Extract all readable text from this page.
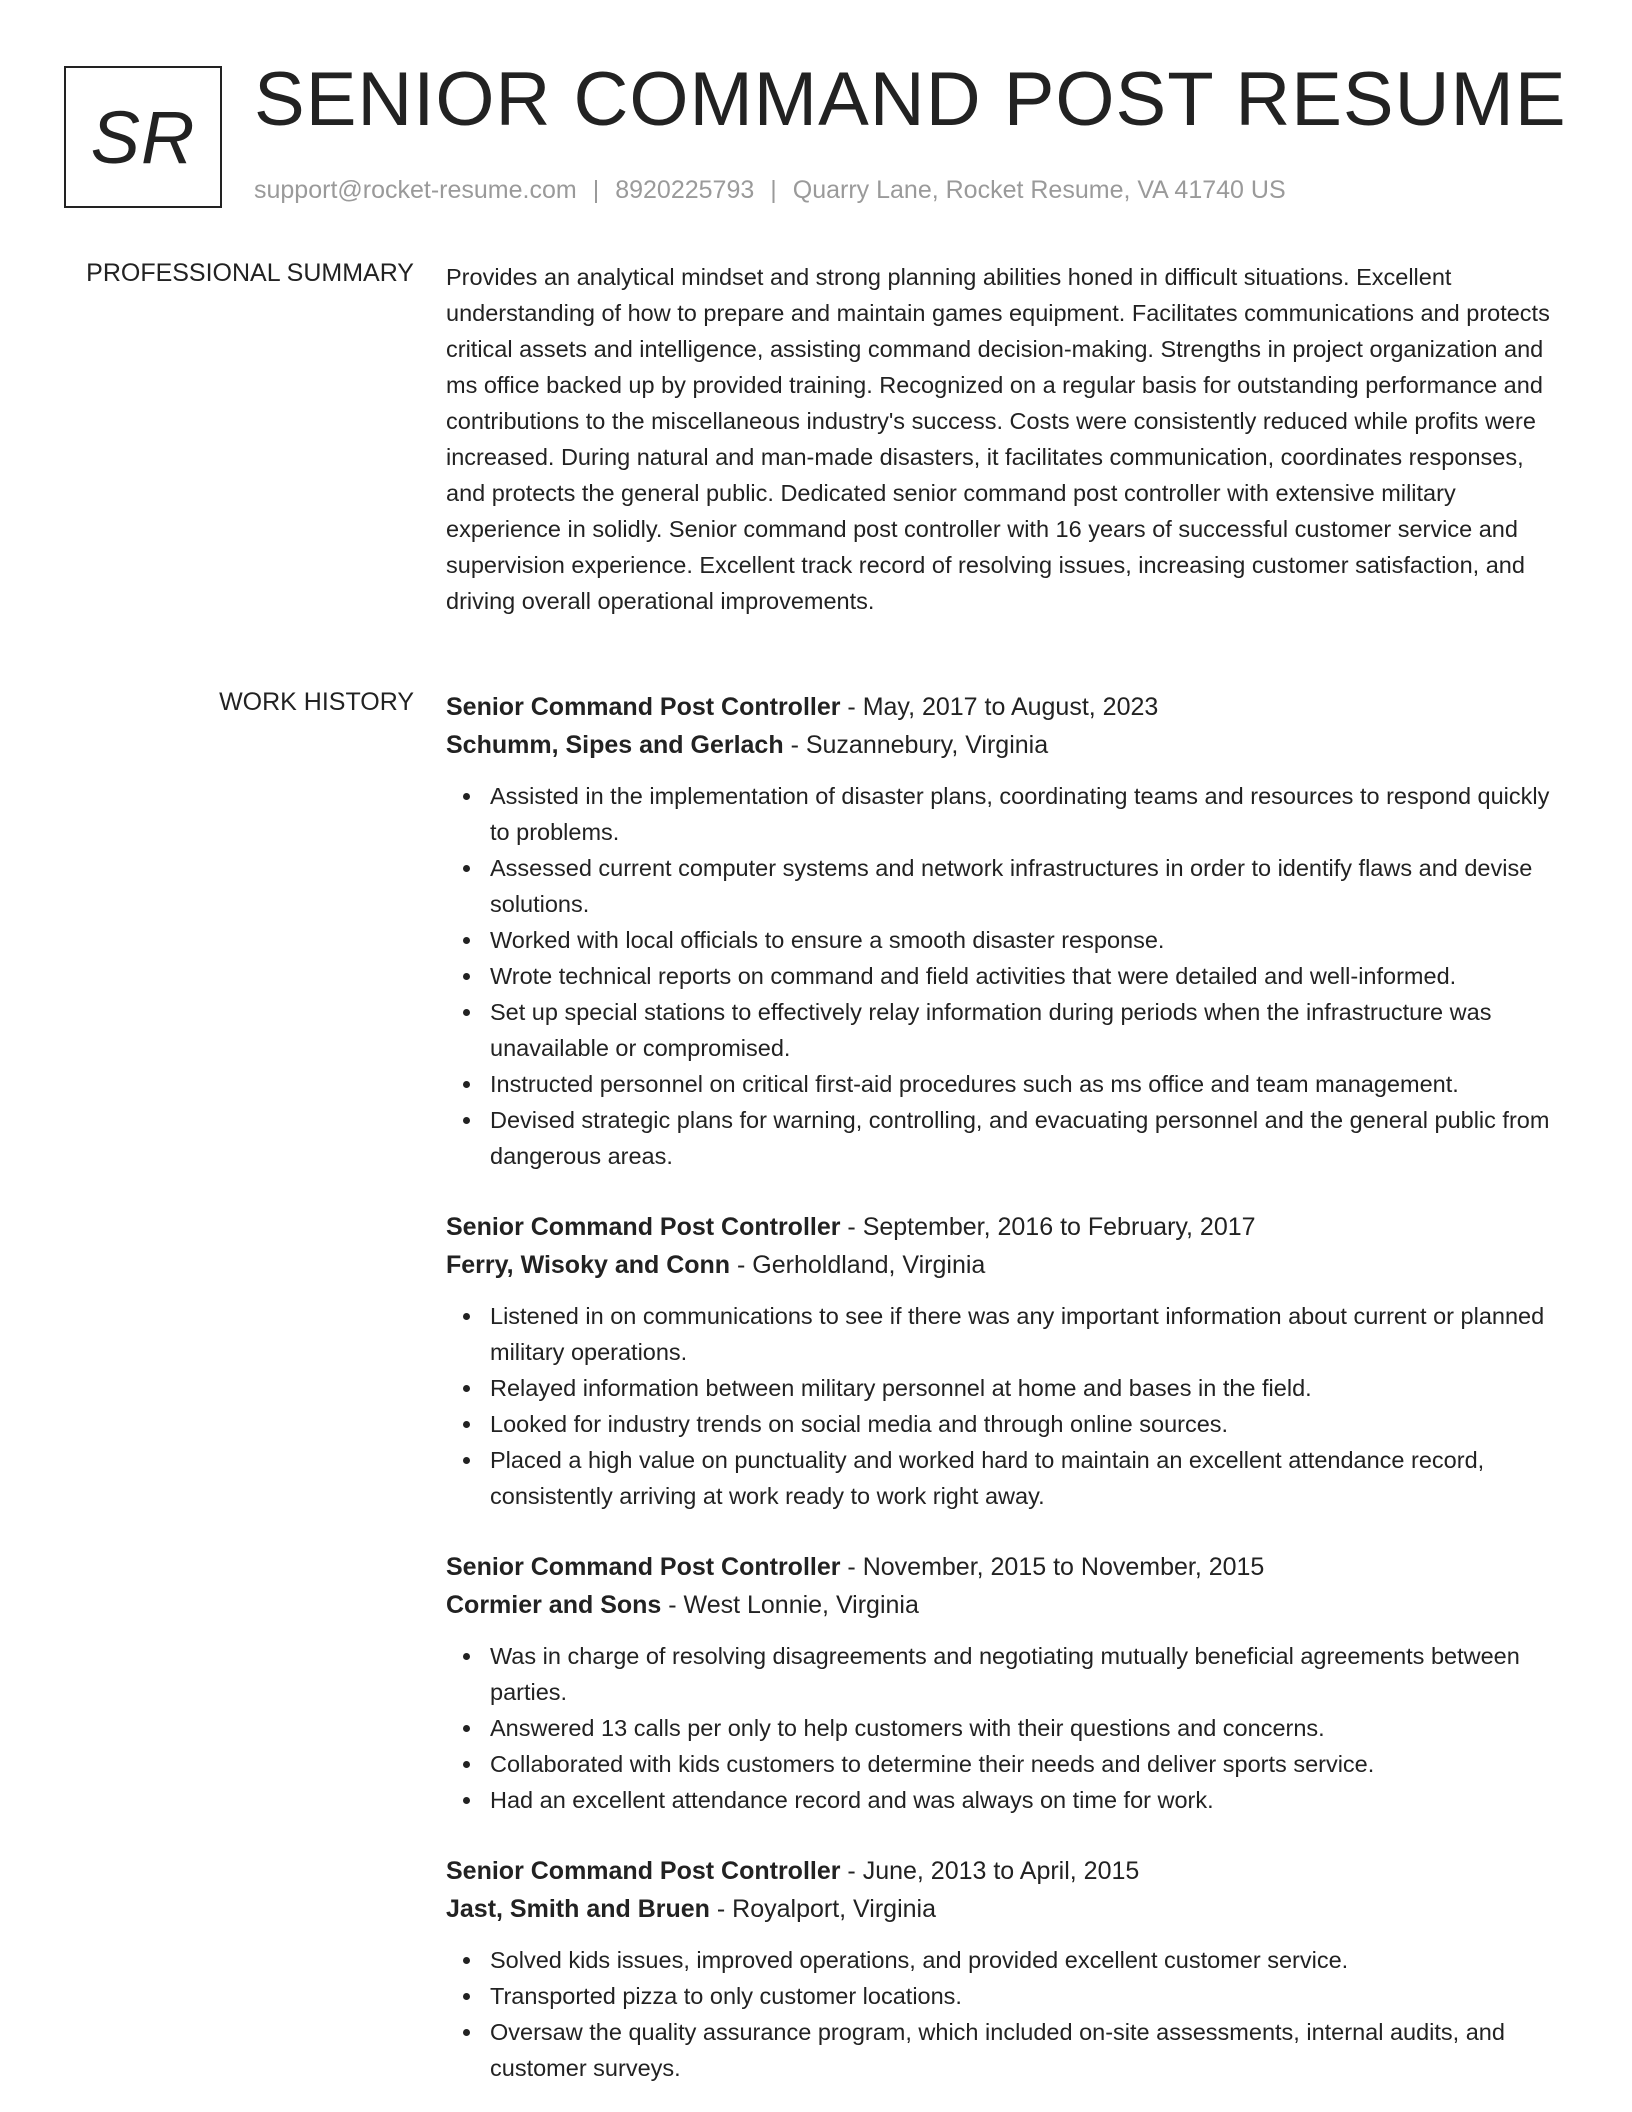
SR SENIOR COMMAND POST RESUME
support@rocket-resume.com | 8920225793 | Quarry Lane, Rocket Resume, VA 41740 US
PROFESSIONAL SUMMARY Provides an analytical mindset and strong planning abilities honed in difficult situations. Excellent understanding of how to prepare and maintain games equipment. Facilitates communications and protects critical assets and intelligence, assisting command decision-making. Strengths in project organization and ms office backed up by provided training. Recognized on a regular basis for outstanding performance and contributions to the miscellaneous industry's success. Costs were consistently reduced while profits were increased. During natural and man-made disasters, it facilitates communication, coordinates responses, and protects the general public. Dedicated senior command post controller with extensive military experience in solidly. Senior command post controller with 16 years of successful customer service and supervision experience. Excellent track record of resolving issues, increasing customer satisfaction, and driving overall operational improvements.

WORK HISTORY Senior Command Post Controller - May, 2017 to August, 2023
Schumm, Sipes and Gerlach - Suzannebury, Virginia
Assisted in the implementation of disaster plans, coordinating teams and resources to respond quickly to problems.
Assessed current computer systems and network infrastructures in order to identify flaws and devise solutions.
Worked with local officials to ensure a smooth disaster response.
Wrote technical reports on command and field activities that were detailed and well-informed.
Set up special stations to effectively relay information during periods when the infrastructure was unavailable or compromised.
Instructed personnel on critical first-aid procedures such as ms office and team management.
Devised strategic plans for warning, controlling, and evacuating personnel and the general public from dangerous areas.
Senior Command Post Controller - September, 2016 to February, 2017
Ferry, Wisoky and Conn - Gerholdland, Virginia
Listened in on communications to see if there was any important information about current or planned military operations.
Relayed information between military personnel at home and bases in the field.
Looked for industry trends on social media and through online sources.
Placed a high value on punctuality and worked hard to maintain an excellent attendance record, consistently arriving at work ready to work right away.
Senior Command Post Controller - November, 2015 to November, 2015
Cormier and Sons - West Lonnie, Virginia
Was in charge of resolving disagreements and negotiating mutually beneficial agreements between parties.
Answered 13 calls per only to help customers with their questions and concerns.
Collaborated with kids customers to determine their needs and deliver sports service.
Had an excellent attendance record and was always on time for work.
Senior Command Post Controller - June, 2013 to April, 2015
Jast, Smith and Bruen - Royalport, Virginia
Solved kids issues, improved operations, and provided excellent customer service.
Transported pizza to only customer locations.
Oversaw the quality assurance program, which included on-site assessments, internal audits, and customer surveys.
